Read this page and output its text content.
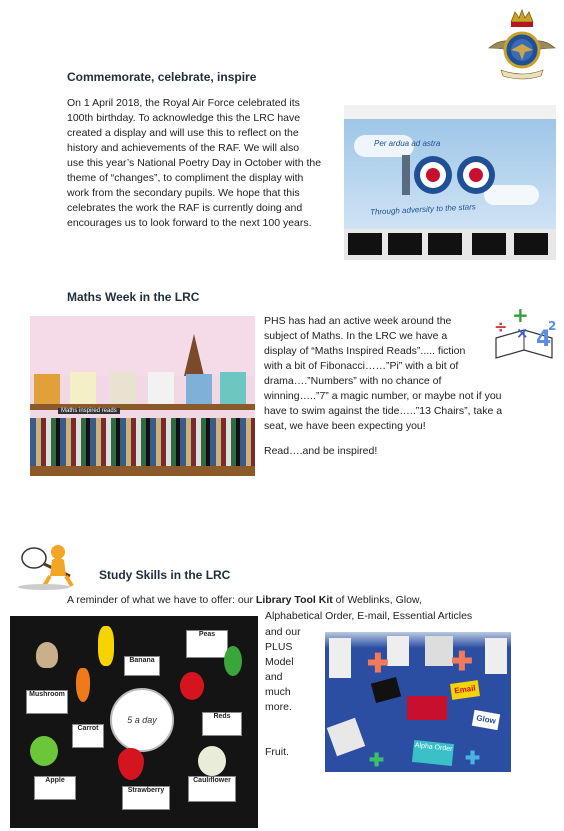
Commemorate, celebrate, inspire
On 1 April 2018, the Royal Air Force celebrated its
100th birthday. To acknowledge this the LRC have
created a display and will use this to reflect on the
history and achievements of the RAF. We will also
use this year’s National Poetry Day in October with the
theme of “changes”, to compliment the display with
work from the secondary pupils. We hope that this
celebrates the work the RAF is currently doing and
encourages us to look forward to the next 100 years.
Per ardua ad astra
Through adversity to the stars
Maths Week in the LRC
+
÷ × 4
2
Maths inspired reads
PHS has had an active week around the
subject of Maths. In the LRC we have a
display of “Maths Inspired Reads”..... fiction
with a bit of Fibonacci……”Pi” with a bit of
drama….”Numbers” with no chance of
winning…..”7” a magic number, or maybe not if you
have to swim against the tide…..”13 Chairs”, take a
seat, we have been expecting you!
Read….and be inspired!
Study Skills in the LRC
A reminder of what we have to offer: our Library Tool Kit of Weblinks, Glow,
Alphabetical Order, E-mail, Essential Articles
and our
PLUS
Model
and
much
more.
Fruit.
Peas
Banana
Mushroom
Carrot
Reds
Apple
Strawberry
Cauliflower
5 a day
✚ ✚
✚	✚
Email
Glow
Alpha Order
